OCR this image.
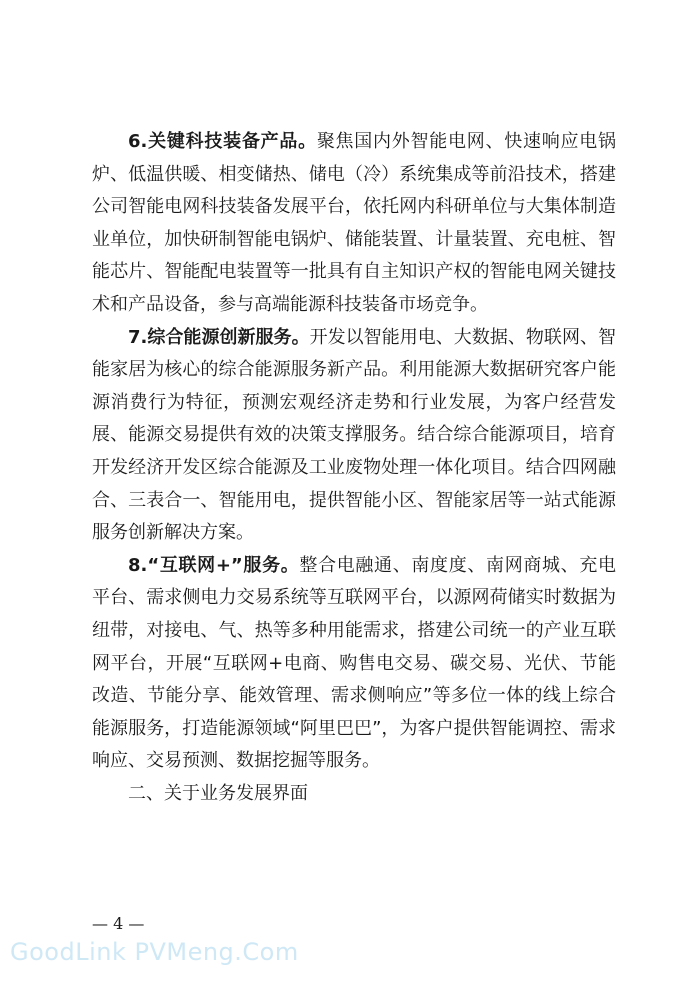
6.关键科技装备产品。聚焦国内外智能电网、快速响应电锅炉、低温供暖、相变储热、储电（冷）系统集成等前沿技术，搭建公司智能电网科技装备发展平台，依托网内科研单位与大集体制造业单位，加快研制智能电锅炉、储能装置、计量装置、充电桩、智能芯片、智能配电装置等一批具有自主知识产权的智能电网关键技术和产品设备，参与高端能源科技装备市场竞争。

7.综合能源创新服务。开发以智能用电、大数据、物联网、智能家居为核心的综合能源服务新产品。利用能源大数据研究客户能源消费行为特征，预测宏观经济走势和行业发展，为客户经营发展、能源交易提供有效的决策支撑服务。结合综合能源项目，培育开发经济开发区综合能源及工业废物处理一体化项目。结合四网融合、三表合一、智能用电，提供智能小区、智能家居等一站式能源服务创新解决方案。

8.“互联网+”服务。整合电融通、南度度、南网商城、充电平台、需求侧电力交易系统等互联网平台，以源网荷储实时数据为纽带，对接电、气、热等多种用能需求，搭建公司统一的产业互联网平台，开展“互联网+电商、购售电交易、碳交易、光伏、节能改造、节能分享、能效管理、需求侧响应”等多位一体的线上综合能源服务，打造能源领域“阿里巴巴”，为客户提供智能调控、需求响应、交易预测、数据挖掘等服务。

二、关于业务发展界面

— 4 —
GoodLink PVMeng.Com
